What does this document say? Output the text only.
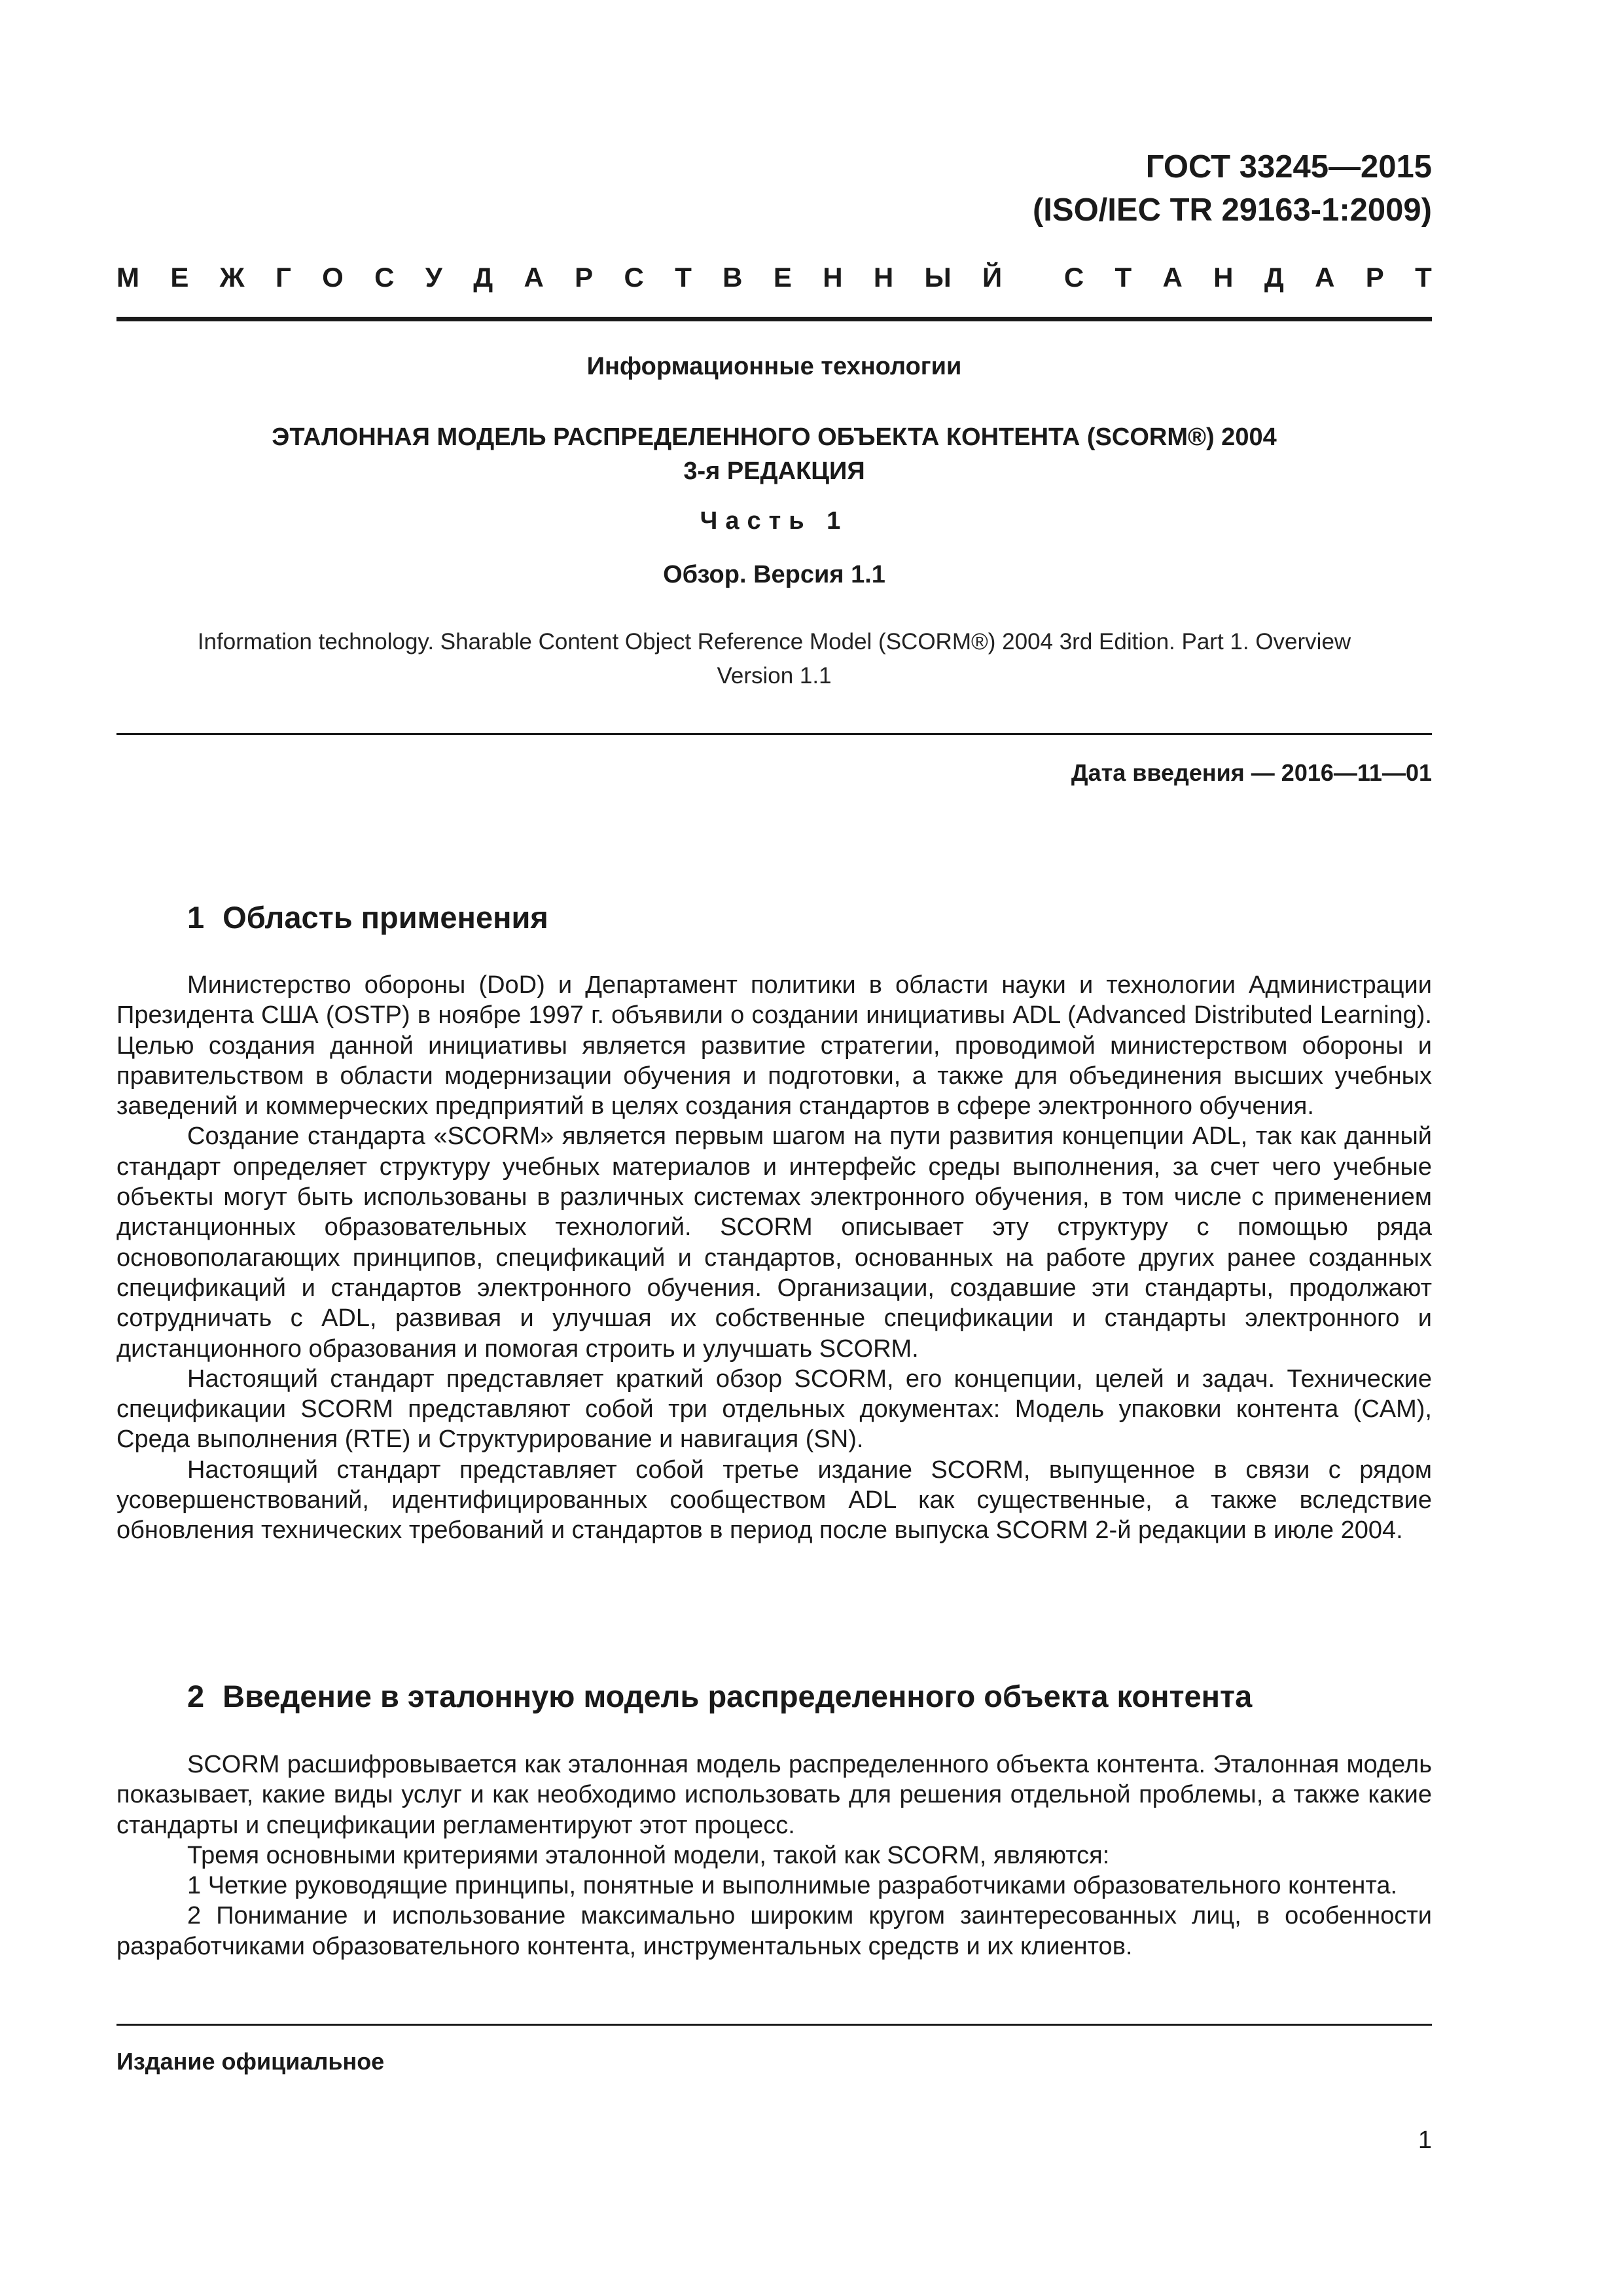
ГОСТ 33245—2015
(ISO/IEC TR 29163-1:2009)
М Е Ж Г О С У Д А Р С Т В Е Н Н Ы Й С Т А Н Д А Р Т
Информационные технологии
ЭТАЛОННАЯ МОДЕЛЬ РАСПРЕДЕЛЕННОГО ОБЪЕКТА КОНТЕНТА (SCORM®) 2004
3-я РЕДАКЦИЯ
Часть 1
Обзор. Версия 1.1
Information technology. Sharable Content Object Reference Model (SCORM®) 2004 3rd Edition. Part 1. Overview
Version 1.1
Дата введения — 2016—11—01
1 Область применения

Министерство обороны (DoD) и Департамент политики в области науки и технологии Администрации Президента США (OSTP) в ноябре 1997 г. объявили о создании инициативы ADL (Advanced Distributed Learning). Целью создания данной инициативы является развитие стратегии, проводимой министерством обороны и правительством в области модернизации обучения и подготовки, а также для объединения высших учебных заведений и коммерческих предприятий в целях создания стандартов в сфере электронного обучения.

Создание стандарта «SCORM» является первым шагом на пути развития концепции ADL, так как данный стандарт определяет структуру учебных материалов и интерфейс среды выполнения, за счет чего учебные объекты могут быть использованы в различных системах электронного обучения, в том числе с применением дистанционных образовательных технологий. SCORM описывает эту структуру с помощью ряда основополагающих принципов, спецификаций и стандартов, основанных на работе других ранее созданных спецификаций и стандартов электронного обучения. Организации, создавшие эти стандарты, продолжают сотрудничать с ADL, развивая и улучшая их собственные спецификации и стандарты электронного и дистанционного образования и помогая строить и улучшать SCORM.

Настоящий стандарт представляет краткий обзор SCORM, его концепции, целей и задач. Технические спецификации SCORM представляют собой три отдельных документах: Модель упаковки контента (CAM), Среда выполнения (RTE) и Структурирование и навигация (SN).

Настоящий стандарт представляет собой третье издание SCORM, выпущенное в связи с рядом усовершенствований, идентифицированных сообществом ADL как существенные, а также вследствие обновления технических требований и стандартов в период после выпуска SCORM 2-й редакции в июле 2004.

2 Введение в эталонную модель распределенного объекта контента

SCORM расшифровывается как эталонная модель распределенного объекта контента. Эталонная модель показывает, какие виды услуг и как необходимо использовать для решения отдельной проблемы, а также какие стандарты и спецификации регламентируют этот процесс.

Тремя основными критериями эталонной модели, такой как SCORM, являются:

1 Четкие руководящие принципы, понятные и выполнимые разработчиками образовательного контента.

2 Понимание и использование максимально широким кругом заинтересованных лиц, в особенности разработчиками образовательного контента, инструментальных средств и их клиентов.

Издание официальное
1
